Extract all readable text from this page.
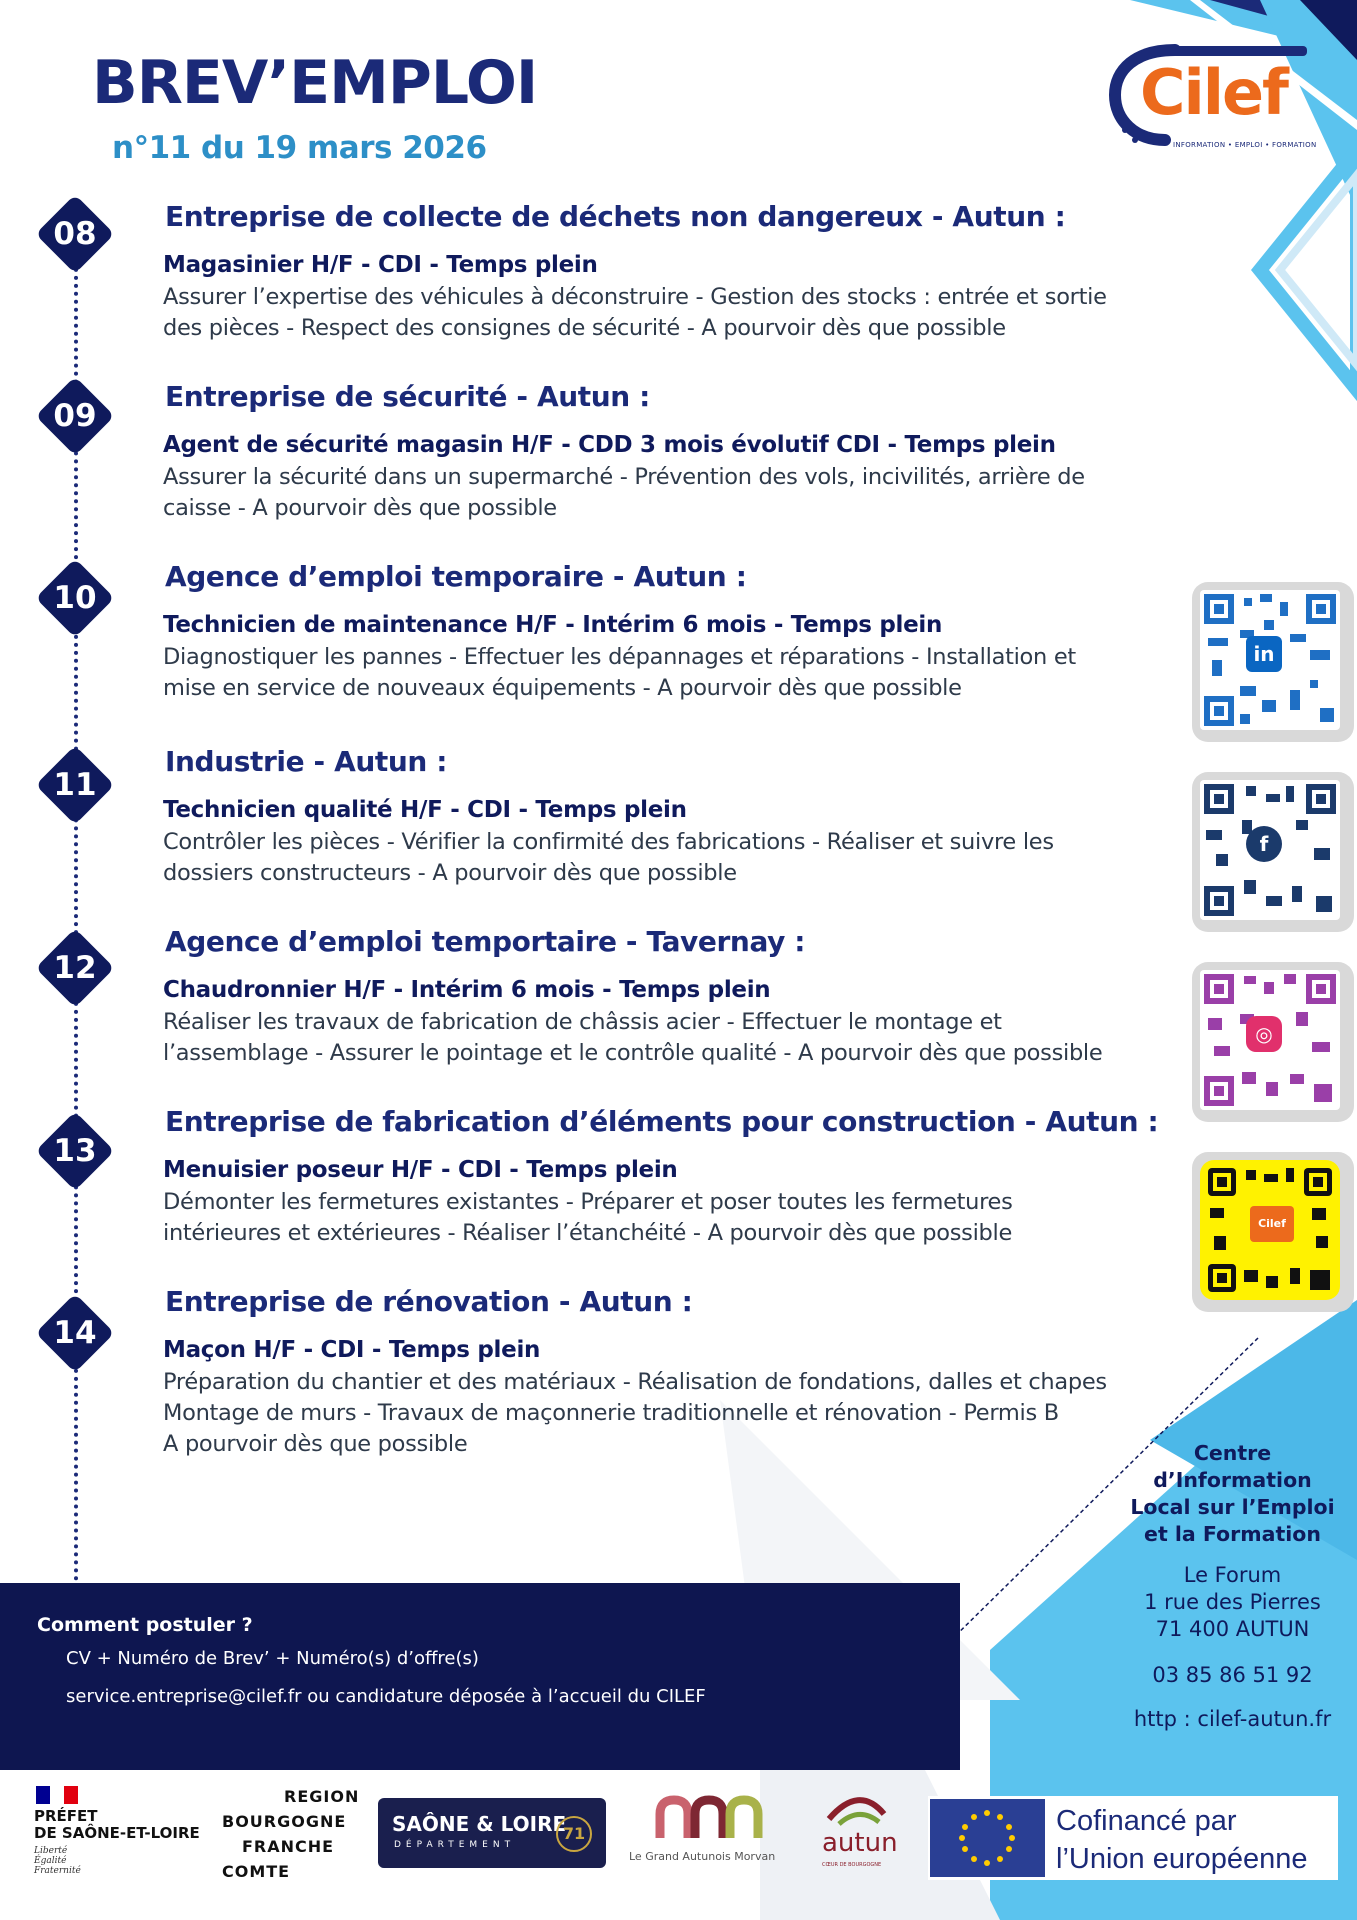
BREV’EMPLOI
n°11 du 19 mars 2026
Cilef
INFORMATION • EMPLOI • FORMATION
08	Entreprise de collecte de déchets non dangereux - Autun :
Magasinier H/F - CDI - Temps plein

Assurer l’expertise des véhicules à déconstruire - Gestion des stocks : entrée et sortie
des pièces - Respect des consignes de sécurité - A pourvoir dès que possible

09
Entreprise de sécurité - Autun :
Agent de sécurité magasin H/F - CDD 3 mois évolutif CDI - Temps plein

Assurer la sécurité dans un supermarché - Prévention des vols, incivilités, arrière de
caisse - A pourvoir dès que possible

10
Agence d’emploi temporaire - Autun :
Technicien de maintenance H/F - Intérim 6 mois - Temps plein

Diagnostiquer les pannes - Effectuer les dépannages et réparations - Installation et
mise en service de nouveaux équipements - A pourvoir dès que possible

11
Industrie - Autun :
Technicien qualité H/F - CDI - Temps plein

Contrôler les pièces - Vérifier la confirmité des fabrications - Réaliser et suivre les
dossiers constructeurs - A pourvoir dès que possible

12
Agence d’emploi temportaire - Tavernay :
Chaudronnier H/F - Intérim 6 mois - Temps plein

Réaliser les travaux de fabrication de châssis acier - Effectuer le montage et
l’assemblage - Assurer le pointage et le contrôle qualité - A pourvoir dès que possible

13
Entreprise de fabrication d’éléments pour construction - Autun :
Menuisier poseur H/F - CDI - Temps plein

Démonter les fermetures existantes - Préparer et poser toutes les fermetures
intérieures et extérieures - Réaliser l’étanchéité - A pourvoir dès que possible

14
Entreprise de rénovation - Autun :
Maçon H/F - CDI - Temps plein

Préparation du chantier et des matériaux - Réalisation de fondations, dalles et chapes
Montage de murs - Travaux de maçonnerie traditionnelle et rénovation - Permis B
A pourvoir dès que possible

in
f
◎
Cilef

Centre
d’Information
Local sur l’Emploi
et la Formation

Le Forum
1 rue des Pierres
71 400 AUTUN

03 85 86 51 92

http : cilef-autun.fr

Comment postuler ?

CV + Numéro de Brev’ + Numéro(s) d’offre(s)

service.entreprise@cilef.fr ou candidature déposée à l’accueil du CILEF

PRÉFET
DE SAÔNE-ET-LOIRE
Liberté
Égalité
Fraternité
REGION
BOURGOGNE
FRANCHE
COMTE
SAÔNE & LOIRE
DÉPARTEMENT
71
Le Grand Autunois Morvan autun
CŒUR DE BOURGOGNE
Cofinancé par
l’Union européenne
